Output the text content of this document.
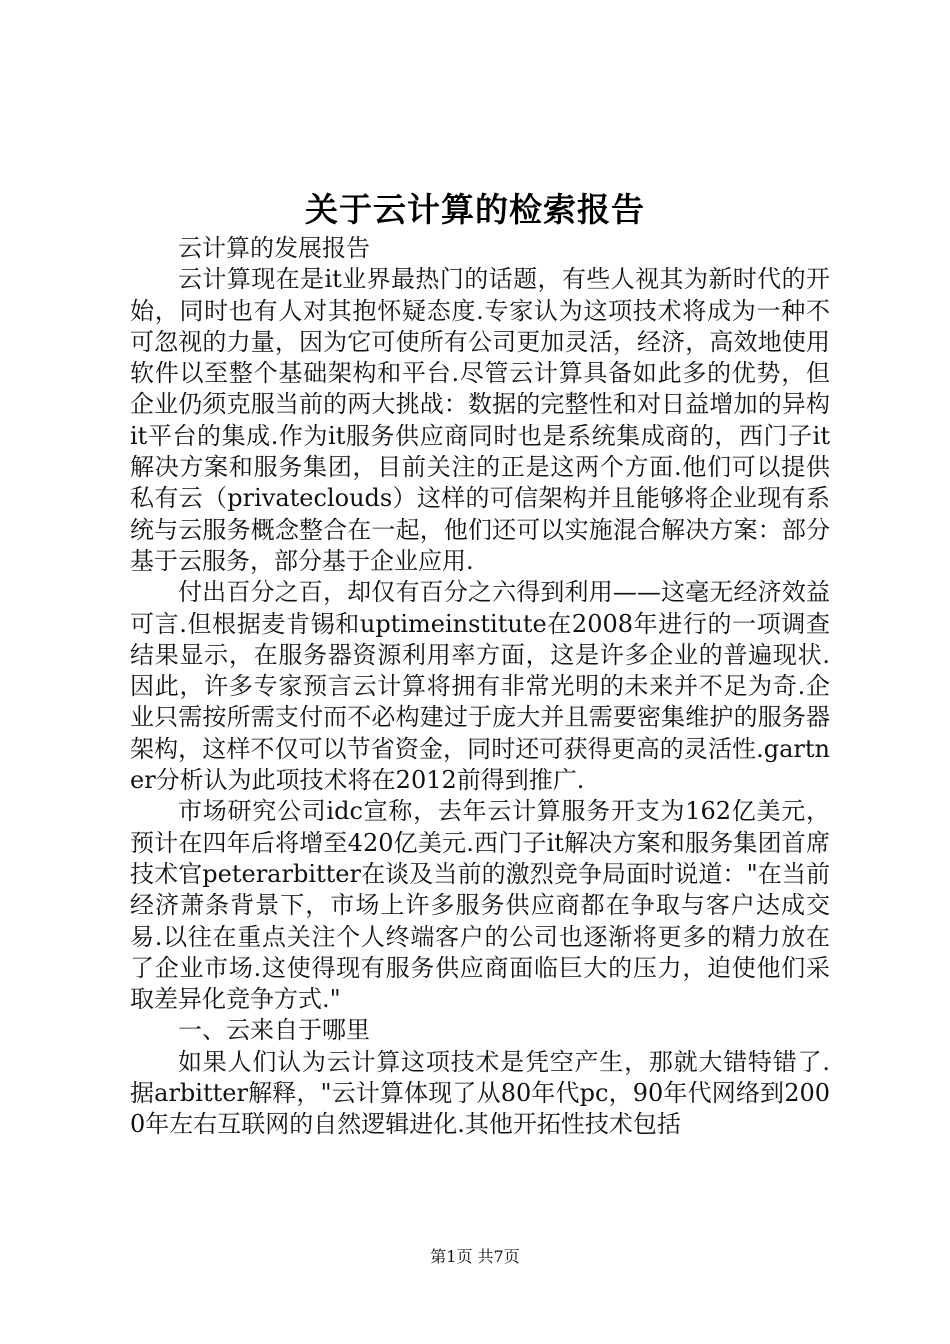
关于云计算的检索报告

云计算的发展报告

云计算现在是it业界最热门的话题，有些人视其为新时代的开始，同时也有人对其抱怀疑态度.专家认为这项技术将成为一种不可忽视的力量，因为它可使所有公司更加灵活，经济，高效地使用软件以至整个基础架构和平台.尽管云计算具备如此多的优势，但企业仍须克服当前的两大挑战：数据的完整性和对日益增加的异构it平台的集成.作为it服务供应商同时也是系统集成商的，西门子it解决方案和服务集团，目前关注的正是这两个方面.他们可以提供私有云（privateclouds）这样的可信架构并且能够将企业现有系统与云服务概念整合在一起，他们还可以实施混合解决方案：部分基于云服务，部分基于企业应用.

付出百分之百，却仅有百分之六得到利用——这毫无经济效益可言.但根据麦肯锡和uptimeinstitute在2008年进行的一项调查结果显示，在服务器资源利用率方面，这是许多企业的普遍现状.因此，许多专家预言云计算将拥有非常光明的未来并不足为奇.企业只需按所需支付而不必构建过于庞大并且需要密集维护的服务器架构，这样不仅可以节省资金，同时还可获得更高的灵活性.gartner分析认为此项技术将在2012前得到推广.

市场研究公司idc宣称，去年云计算服务开支为162亿美元，预计在四年后将增至420亿美元.西门子it解决方案和服务集团首席技术官peterarbitter在谈及当前的激烈竞争局面时说道："在当前经济萧条背景下，市场上许多服务供应商都在争取与客户达成交易.以往在重点关注个人终端客户的公司也逐渐将更多的精力放在了企业市场.这使得现有服务供应商面临巨大的压力，迫使他们采取差异化竞争方式."

一、云来自于哪里

如果人们认为云计算这项技术是凭空产生，那就大错特错了.据arbitter解释，"云计算体现了从80年代pc，90年代网络到2000年左右互联网的自然逻辑进化.其他开拓性技术包括

第1页 共7页
